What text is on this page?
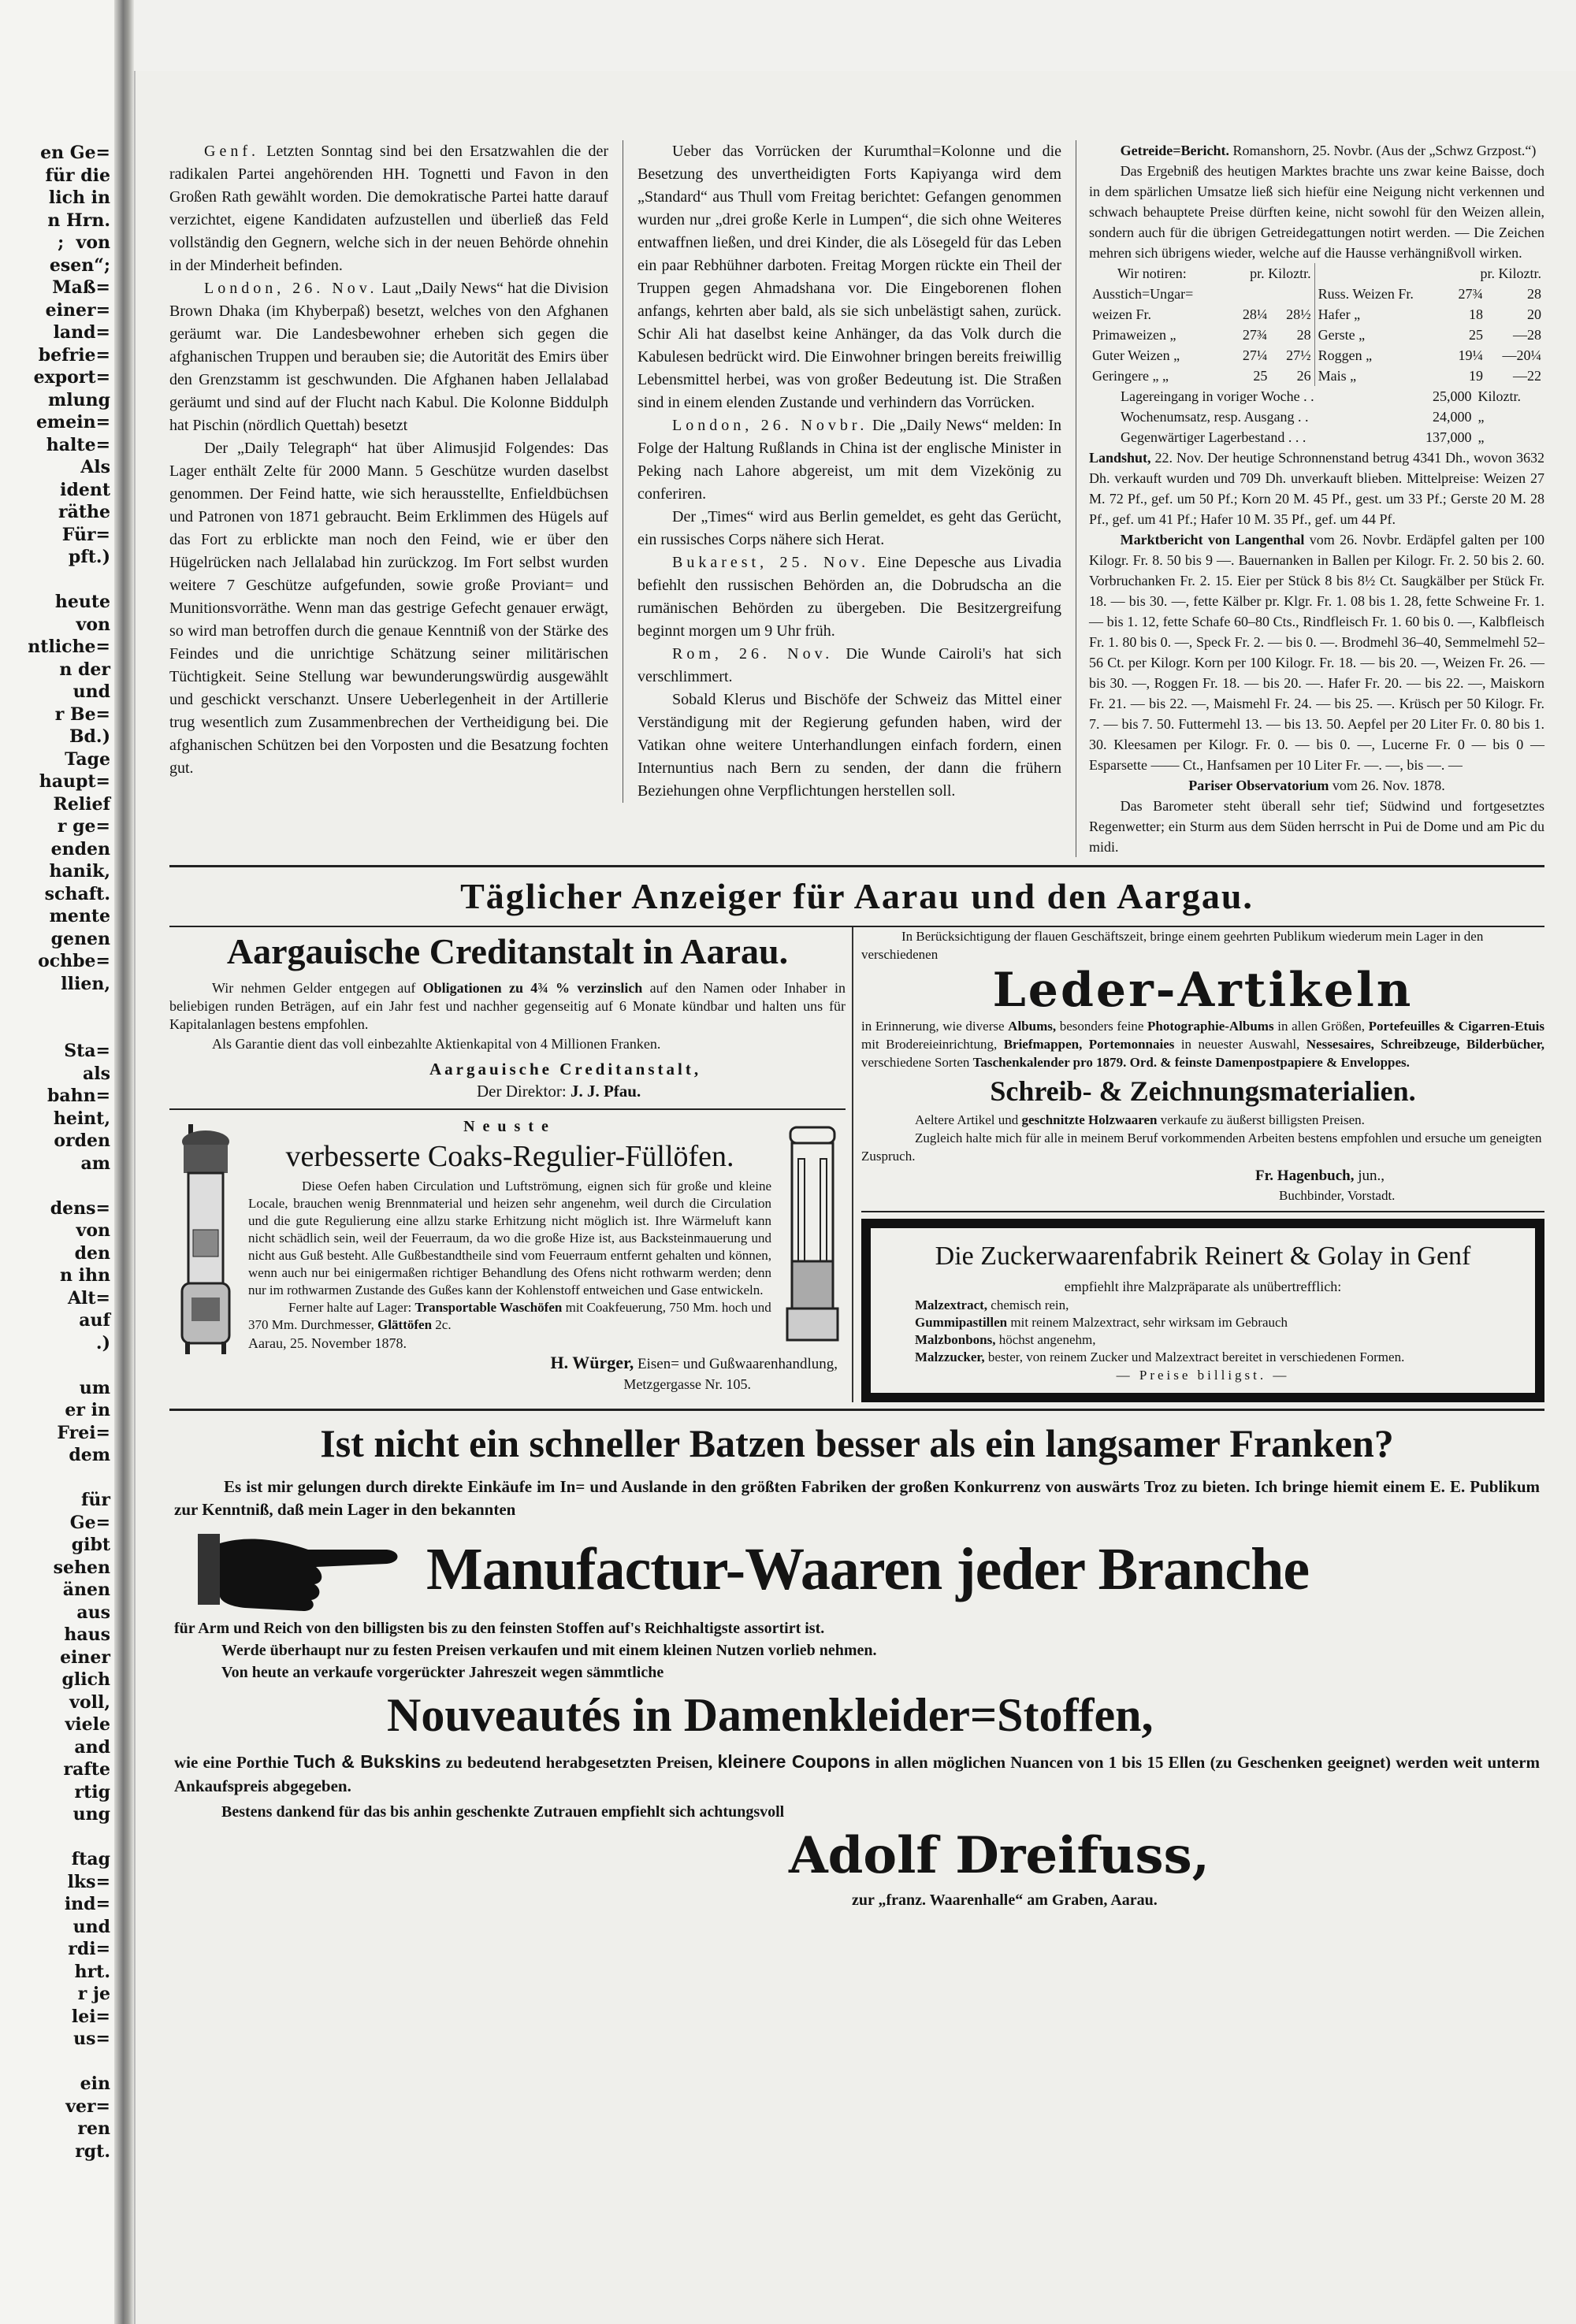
en Ge=
für die
lich in
n Hrn.
;  von
esen“;
Maß=
einer=
land=
befrie=
export=
mlung
emein=
halte=
Als
ident
räthe
Für=
pft.)

heute
von
ntliche=
n der
und
r Be=
Bd.)
Tage
haupt=
Relief
r ge=
enden
hanik,
schaft.
mente
genen
ochbe=
llien,

Sta=
als
bahn=
heint,
orden
am

dens=
von
den
n ihn
Alt=
auf
.)

um
er in
Frei=
dem

für
Ge=
gibt
sehen
änen
aus
haus
einer
glich
voll,
viele
and
rafte
rtig
ung

ftag
lks=
ind=
und
rdi=
hrt.
r je
lei=
us=

ein
ver=
ren
rgt.

Genf. Letzten Sonntag sind bei den Ersatzwahlen die der radikalen Partei angehörenden HH. Tognetti und Favon in den Großen Rath gewählt worden. Die demokratische Partei hatte darauf verzichtet, eigene Kandidaten aufzustellen und überließ das Feld vollständig den Gegnern, welche sich in der neuen Behörde ohnehin in der Minderheit befinden.

London, 26. Nov. Laut „Daily News“ hat die Division Brown Dhaka (im Khyberpaß) besetzt, welches von den Afghanen geräumt war. Die Landesbewohner erheben sich gegen die afghanischen Truppen und berauben sie; die Autorität des Emirs über den Grenzstamm ist geschwunden. Die Afghanen haben Jellalabad geräumt und sind auf der Flucht nach Kabul. Die Kolonne Biddulph hat Pischin (nördlich Quettah) besetzt

Der „Daily Telegraph“ hat über Alimusjid Folgendes: Das Lager enthält Zelte für 2000 Mann. 5 Geschütze wurden daselbst genommen. Der Feind hatte, wie sich herausstellte, Enfieldbüchsen und Patronen von 1871 gebraucht. Beim Erklimmen des Hügels auf das Fort zu erblickte man noch den Feind, wie er über den Hügelrücken nach Jellalabad hin zurückzog. Im Fort selbst wurden weitere 7 Geschütze aufgefunden, sowie große Proviant= und Munitionsvorräthe. Wenn man das gestrige Gefecht genauer erwägt, so wird man betroffen durch die genaue Kenntniß von der Stärke des Feindes und die unrichtige Schätzung seiner militärischen Tüchtigkeit. Seine Stellung war bewunderungswürdig ausgewählt und geschickt verschanzt. Unsere Ueberlegenheit in der Artillerie trug wesentlich zum Zusammenbrechen der Vertheidigung bei. Die afghanischen Schützen bei den Vorposten und die Besatzung fochten gut.

Ueber das Vorrücken der Kurumthal=Kolonne und die Besetzung des unvertheidigten Forts Kapiyanga wird dem „Standard“ aus Thull vom Freitag berichtet: Gefangen genommen wurden nur „drei große Kerle in Lumpen“, die sich ohne Weiteres entwaffnen ließen, und drei Kinder, die als Lösegeld für das Leben ein paar Rebhühner darboten. Freitag Morgen rückte ein Theil der Truppen gegen Ahmadshana vor. Die Eingeborenen flohen anfangs, kehrten aber bald, als sie sich unbelästigt sahen, zurück. Schir Ali hat daselbst keine Anhänger, da das Volk durch die Kabulesen bedrückt wird. Die Einwohner bringen bereits freiwillig Lebensmittel herbei, was von großer Bedeutung ist. Die Straßen sind in einem elenden Zustande und verhindern das Vorrücken.

London, 26. Novbr. Die „Daily News“ melden: In Folge der Haltung Rußlands in China ist der englische Minister in Peking nach Lahore abgereist, um mit dem Vizekönig zu conferiren.

Der „Times“ wird aus Berlin gemeldet, es geht das Gerücht, ein russisches Corps nähere sich Herat.

Bukarest, 25. Nov. Eine Depesche aus Livadia befiehlt den russischen Behörden an, die Dobrudscha an die rumänischen Behörden zu übergeben. Die Besitzergreifung beginnt morgen um 9 Uhr früh.

Rom, 26. Nov. Die Wunde Cairoli's hat sich verschlimmert.

Sobald Klerus und Bischöfe der Schweiz das Mittel einer Verständigung mit der Regierung gefunden haben, wird der Vatikan ohne weitere Unterhandlungen einfach fordern, einen Internuntius nach Bern zu senden, der dann die frühern Beziehungen ohne Verpflichtungen herstellen soll.

Getreide=Bericht. Romanshorn, 25. Novbr. (Aus der „Schwz Grzpost.“)

Das Ergebniß des heutigen Marktes brachte uns zwar keine Baisse, doch in dem spärlichen Umsatze ließ sich hiefür eine Neigung nicht verkennen und schwach behauptete Preise dürften keine, nicht sowohl für den Weizen allein, sondern auch für die übrigen Getreidegattungen notirt werden. — Die Zeichen mehren sich übrigens wieder, welche auf die Hausse verhängnißvoll wirken.

Wir notiren:	pr. Kiloztr.			pr. Kiloztr.	
Ausstich=Ungar=			Russ. Weizen Fr.	27¾	28
weizen Fr.	28¼	28½	Hafer „	18	20
Primaweizen „	27¾	28	Gerste „	25	—28
Guter Weizen „	27¼	27½	Roggen „	19¼	—20¼
Geringere „ „	25	26	Mais „	19	—22
Lagereingang in voriger Woche . .	25,000	Kiloztr.
Wochenumsatz, resp. Ausgang . .	24,000	„
Gegenwärtiger Lagerbestand . . .	137,000	„

Landshut, 22. Nov. Der heutige Schronnenstand betrug 4341 Dh., wovon 3632 Dh. verkauft wurden und 709 Dh. unverkauft blieben. Mittelpreise: Weizen 27 M. 72 Pf., gef. um 50 Pf.; Korn 20 M. 45 Pf., gest. um 33 Pf.; Gerste 20 M. 28 Pf., gef. um 41 Pf.; Hafer 10 M. 35 Pf., gef. um 44 Pf.

Marktbericht von Langenthal vom 26. Novbr. Erdäpfel galten per 100 Kilogr. Fr. 8. 50 bis 9 —. Bauernanken in Ballen per Kilogr. Fr. 2. 50 bis 2. 60. Vorbruchanken Fr. 2. 15. Eier per Stück 8 bis 8½ Ct. Saugkälber per Stück Fr. 18. — bis 30. —, fette Kälber pr. Klgr. Fr. 1. 08 bis 1. 28, fette Schweine Fr. 1. — bis 1. 12, fette Schafe 60–80 Cts., Rindfleisch Fr. 1. 60 bis 0. —, Kalbfleisch Fr. 1. 80 bis 0. —, Speck Fr. 2. — bis 0. —. Brodmehl 36–40, Semmelmehl 52–56 Ct. per Kilogr. Korn per 100 Kilogr. Fr. 18. — bis 20. —, Weizen Fr. 26. — bis 30. —, Roggen Fr. 18. — bis 20. —. Hafer Fr. 20. — bis 22. —, Maiskorn Fr. 21. — bis 22. —, Maismehl Fr. 24. — bis 25. —. Krüsch per 50 Kilogr. Fr. 7. — bis 7. 50. Futtermehl 13. — bis 13. 50. Aepfel per 20 Liter Fr. 0. 80 bis 1. 30. Kleesamen per Kilogr. Fr. 0. — bis 0. —, Lucerne Fr. 0 — bis 0 — Esparsette —— Ct., Hanfsamen per 10 Liter Fr. —. —, bis —. —

Pariser Observatorium vom 26. Nov. 1878.

Das Barometer steht überall sehr tief; Südwind und fortgesetztes Regenwetter; ein Sturm aus dem Süden herrscht in Pui de Dome und am Pic du midi.

Täglicher Anzeiger für Aarau und den Aargau.
Aargauische Creditanstalt in Aarau.

Wir nehmen Gelder entgegen auf Obligationen zu 4¾ % verzinslich auf den Namen oder Inhaber in beliebigen runden Beträgen, auf ein Jahr fest und nachher gegenseitig auf 6 Monate kündbar und halten uns für Kapitalanlagen bestens empfohlen.

Als Garantie dient das voll einbezahlte Aktienkapital von 4 Millionen Franken.

Aargauische Creditanstalt,
Der Direktor: J. J. Pfau.
Neuste
verbesserte Coaks-Regulier-Füllöfen.

Diese Oefen haben Circulation und Luftströmung, eignen sich für große und kleine Locale, brauchen wenig Brennmaterial und heizen sehr angenehm, weil durch die Circulation und die gute Regulierung eine allzu starke Erhitzung nicht möglich ist. Ihre Wärmeluft kann nicht schädlich sein, weil der Feuerraum, da wo die große Hize ist, aus Backsteinmauerung und nicht aus Guß besteht. Alle Gußbestandtheile sind vom Feuerraum entfernt gehalten und können, wenn auch nur bei einigermaßen richtiger Behandlung des Ofens nicht rothwarm werden; denn nur im rothwarmen Zustande des Gußes kann der Kohlenstoff entweichen und Gase entwickeln.

Ferner halte auf Lager: Transportable Waschöfen mit Coakfeuerung, 750 Mm. hoch und 370 Mm. Durchmesser, Glättöfen 2c.

Aarau, 25. November 1878.
H. Würger, Eisen= und Gußwaarenhandlung,
Metzgergasse Nr. 105.

In Berücksichtigung der flauen Geschäftszeit, bringe einem geehrten Publikum wiederum mein Lager in den verschiedenen

Leder-Artikeln

in Erinnerung, wie diverse Albums, besonders feine Photographie-Albums in allen Größen, Portefeuilles & Cigarren-Etuis mit Brodereieinrichtung, Briefmappen, Portemonnaies in neuester Auswahl, Nessesaires, Schreibzeuge, Bilderbücher, verschiedene Sorten Taschenkalender pro 1879. Ord. & feinste Damenpostpapiere & Enveloppes.

Schreib- & Zeichnungsmaterialien.

Aeltere Artikel und geschnitzte Holzwaaren verkaufe zu äußerst billigsten Preisen.

Zugleich halte mich für alle in meinem Beruf vorkommenden Arbeiten bestens empfohlen und ersuche um geneigten Zuspruch.

Fr. Hagenbuch, jun.,
Buchbinder, Vorstadt.
Die Zuckerwaarenfabrik Reinert & Golay in Genf
empfiehlt ihre Malzpräparate als unübertrefflich:
Malzextract, chemisch rein,
Gummipastillen mit reinem Malzextract, sehr wirksam im Gebrauch
Malzbonbons, höchst angenehm,
Malzzucker, bester, von reinem Zucker und Malzextract bereitet in verschiedenen Formen.
— Preise billigst. —
Ist nicht ein schneller Batzen besser als ein langsamer Franken?

Es ist mir gelungen durch direkte Einkäufe im In= und Auslande in den größten Fabriken der großen Konkurrenz von auswärts Troz zu bieten. Ich bringe hiemit einem E. E. Publikum zur Kenntniß, daß mein Lager in den bekannten

Manufactur-Waaren jeder Branche

für Arm und Reich von den billigsten bis zu den feinsten Stoffen auf's Reichhaltigste assortirt ist.

Werde überhaupt nur zu festen Preisen verkaufen und mit einem kleinen Nutzen vorlieb nehmen.

Von heute an verkaufe vorgerückter Jahreszeit wegen sämmtliche

Nouveautés in Damenkleider=Stoffen,

wie eine Porthie Tuch & Bukskins zu bedeutend herabgesetzten Preisen, kleinere Coupons in allen möglichen Nuancen von 1 bis 15 Ellen (zu Geschenken geeignet) werden weit unterm Ankaufspreis abgegeben.

Bestens dankend für das bis anhin geschenkte Zutrauen empfiehlt sich achtungsvoll

Adolf Dreifuss,
zur „franz. Waarenhalle“ am Graben, Aarau.
